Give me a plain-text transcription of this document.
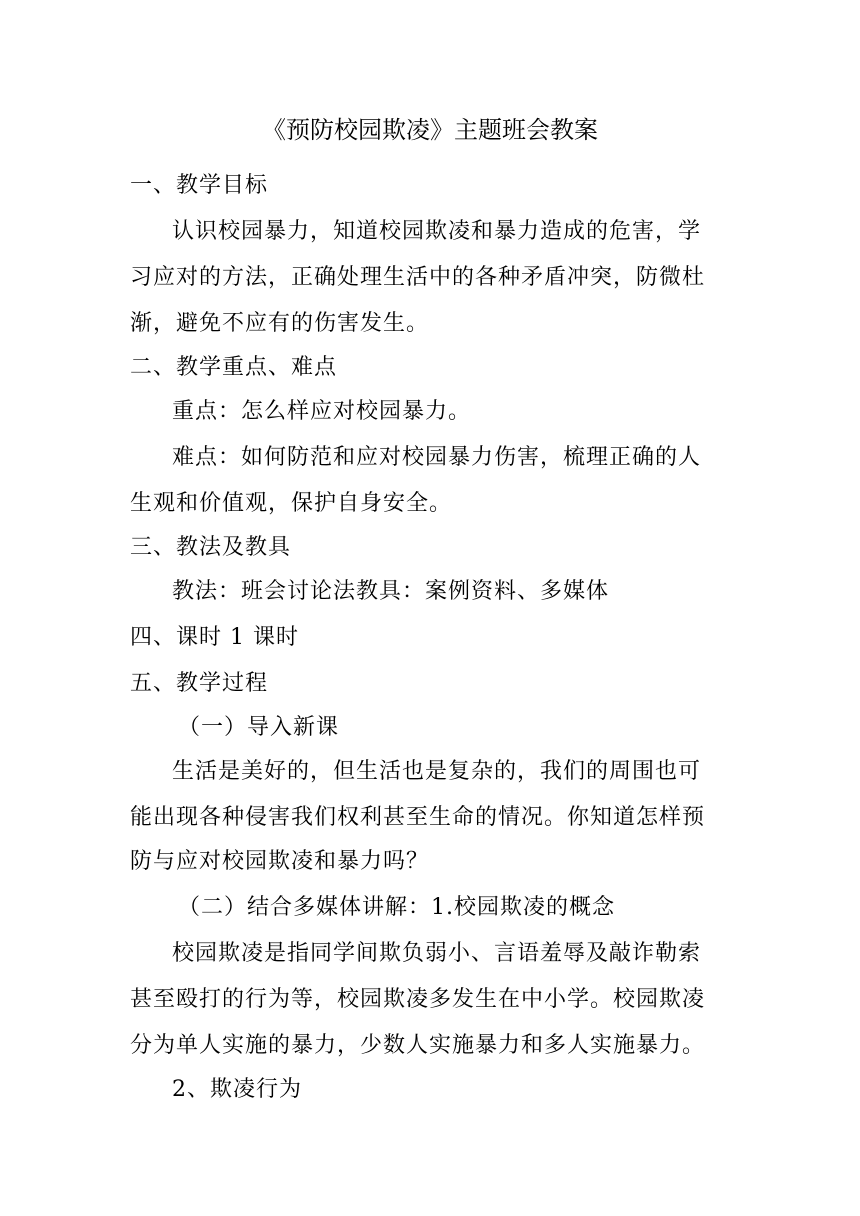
《预防校园欺凌》主题班会教案
一、教学目标
认识校园暴力，知道校园欺凌和暴力造成的危害，学
习应对的方法，正确处理生活中的各种矛盾冲突，防微杜
渐，避免不应有的伤害发生。
二、教学重点、难点
重点：怎么样应对校园暴力。
难点：如何防范和应对校园暴力伤害，梳理正确的人
生观和价值观，保护自身安全。
三、教法及教具
教法：班会讨论法教具：案例资料、多媒体
四、课时 1 课时
五、教学过程
（一）导入新课
生活是美好的，但生活也是复杂的，我们的周围也可
能出现各种侵害我们权利甚至生命的情况。你知道怎样预
防与应对校园欺凌和暴力吗？
（二）结合多媒体讲解：1.校园欺凌的概念
校园欺凌是指同学间欺负弱小、言语羞辱及敲诈勒索
甚至殴打的行为等，校园欺凌多发生在中小学。校园欺凌
分为单人实施的暴力，少数人实施暴力和多人实施暴力。
2、欺凌行为
